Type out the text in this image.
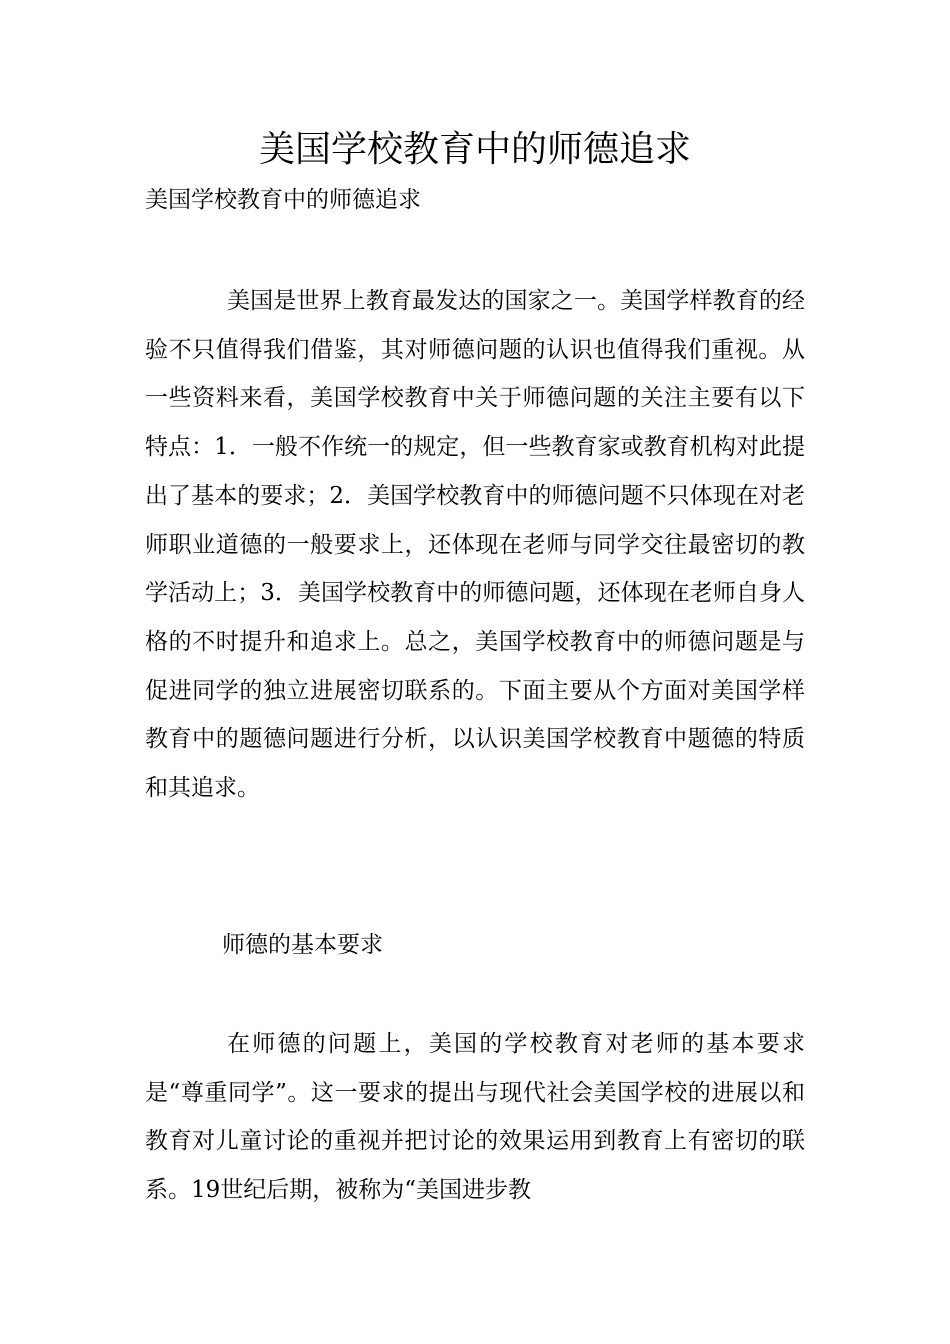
美国学校教育中的师德追求

美国学校教育中的师德追求

美国是世界上教育最发达的国家之一。美国学样教育的经验不只值得我们借鉴，其对师德问题的认识也值得我们重视。从一些资料来看，美国学校教育中关于师德问题的关注主要有以下特点：1．一般不作统一的规定，但一些教育家或教育机构对此提出了基本的要求；2．美国学校教育中的师德问题不只体现在对老师职业道德的一般要求上，还体现在老师与同学交往最密切的教学活动上；3．美国学校教育中的师德问题，还体现在老师自身人格的不时提升和追求上。总之，美国学校教育中的师德问题是与促进同学的独立进展密切联系的。下面主要从个方面对美国学样教育中的题德问题进行分析，以认识美国学校教育中题德的特质和其追求。

师德的基本要求

在师德的问题上，美国的学校教育对老师的基本要求是“尊重同学”。这一要求的提出与现代社会美国学校的进展以和教育对儿童讨论的重视并把讨论的效果运用到教育上有密切的联系。19世纪后期，被称为“美国进步教
